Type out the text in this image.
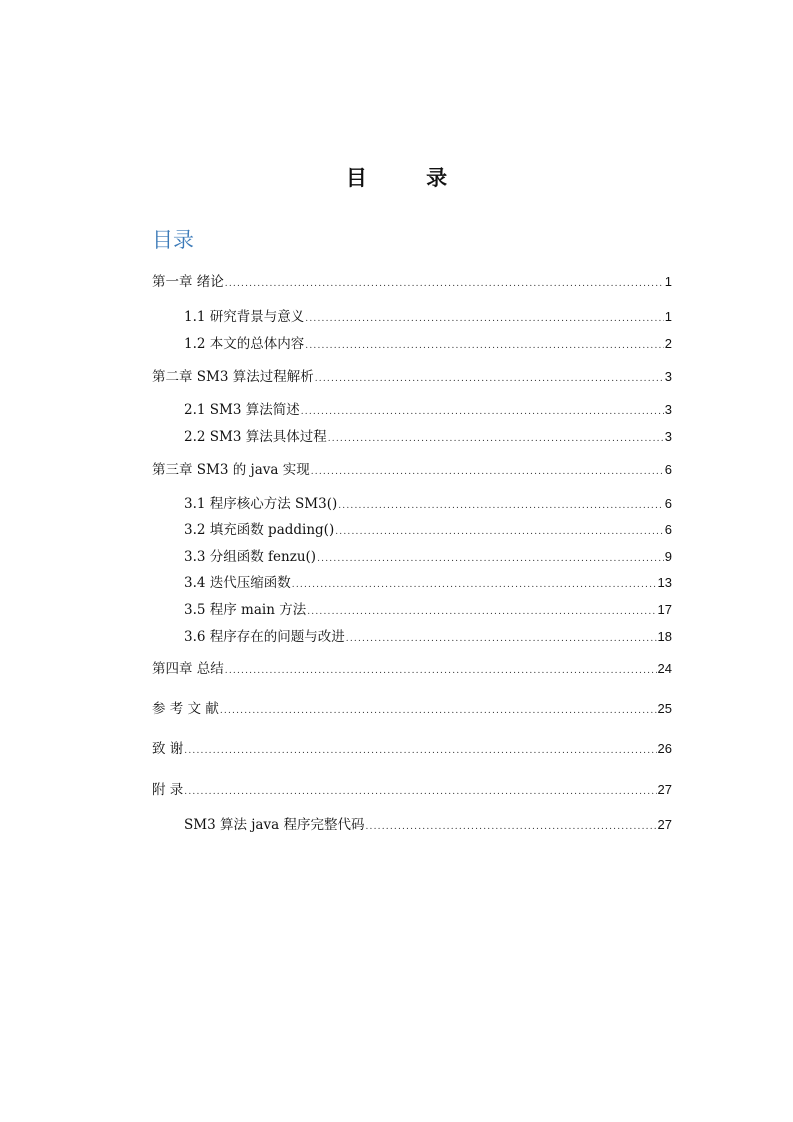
目 录
目录
第一章 绪论 .....	1
1.1 研究背景与意义 .....	1
1.2 本文的总体内容 .....	2
第二章 SM3 算法过程解析 .....	3
2.1 SM3 算法简述 .....	3
2.2 SM3 算法具体过程 .....	3
第三章 SM3 的 java 实现 .....	6
3.1 程序核心方法 SM3() .....	6
3.2 填充函数 padding() .....	6
3.3 分组函数 fenzu() .....	9
3.4 迭代压缩函数 .....	13
3.5 程序 main 方法 .....	17
3.6 程序存在的问题与改进 .....	18
第四章 总结 .....	24
参 考 文 献 .....	25
致 谢 .....	26
附 录 .....	27
SM3 算法 java 程序完整代码 .....	27
